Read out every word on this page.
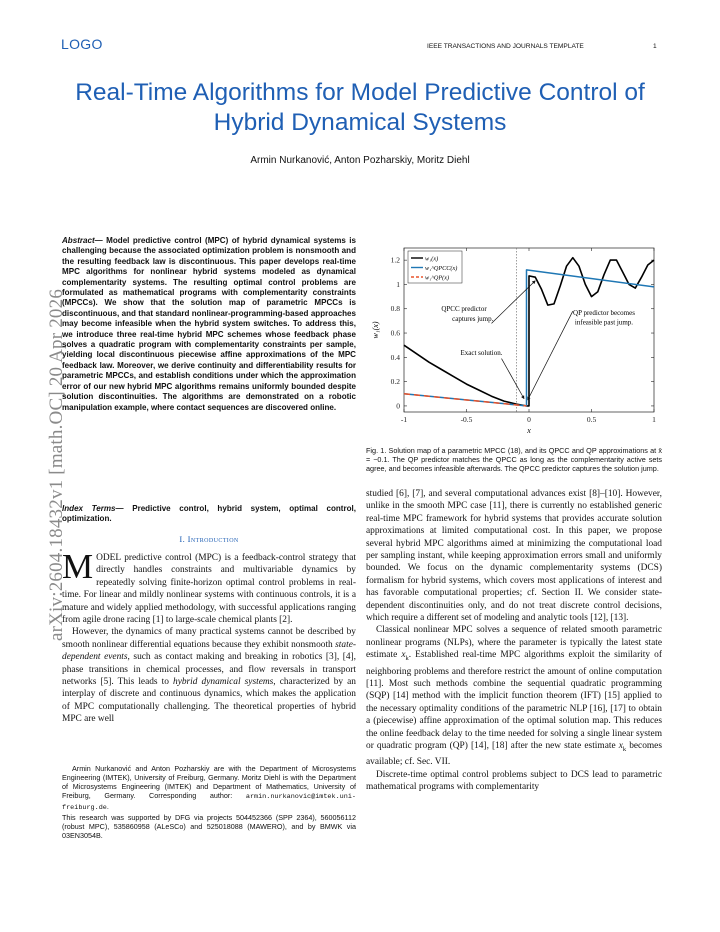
LOGO	IEEE TRANSACTIONS AND JOURNALS TEMPLATE	1
Real-Time Algorithms for Model Predictive Control of Hybrid Dynamical Systems
Armin Nurkanović, Anton Pozharskiy, Moritz Diehl
arXiv:2604.18432v1 [math.OC] 20 Apr 2026
Abstract— Model predictive control (MPC) of hybrid dynamical systems is challenging because the associated optimization problem is nonsmooth and the resulting feedback law is discontinuous. This paper develops real-time MPC algorithms for nonlinear hybrid systems modeled as dynamical complementarity systems. The resulting optimal control problems are formulated as mathematical programs with complementarity constraints (MPCCs). We show that the solution map of parametric MPCCs is discontinuous, and that standard nonlinear-programming-based approaches may become infeasible when the hybrid system switches. To address this, we introduce three real-time hybrid MPC schemes whose feedback phase solves a quadratic program with complementarity constraints per sample, yielding local discontinuous piecewise affine approximations of the MPC feedback law. Moreover, we derive continuity and differentiability results for parametric MPCCs, and establish conditions under which the approximation error of our new hybrid MPC algorithms remains uniformly bounded despite solution discontinuities. The algorithms are demonstrated on a robotic manipulation example, where contact sequences are discovered online.
Index Terms— Predictive control, hybrid system, optimal control, optimization.
I. Introduction

MODEL predictive control (MPC) is a feedback-control strategy that directly handles constraints and multivariable dynamics by repeatedly solving finite-horizon optimal control problems in real-time. For linear and mildly nonlinear systems with continuous controls, it is a mature and widely applied methodology, with successful applications ranging from agile drone racing [1] to large-scale chemical plants [2].

However, the dynamics of many practical systems cannot be described by smooth nonlinear differential equations because they exhibit nonsmooth state-dependent events, such as contact making and breaking in robotics [3], [4], phase transitions in chemical processes, and flow reversals in transport networks [5]. This leads to hybrid dynamical systems, characterized by an interplay of discrete and continuous dynamics, which makes the application of MPC computationally challenging. The theoretical properties of hybrid MPC are well

Armin Nurkanović and Anton Pozharskiy are with the Department of Microsystems Engineering (IMTEK), University of Freiburg, Germany. Moritz Diehl is with the Department of Microsystems Engineering (IMTEK) and Department of Mathematics, University of Freiburg, Germany. Corresponding author: armin.nurkanovic@imtek.uni-freiburg.de.

This research was supported by DFG via projects 504452366 (SPP 2364), 560056112 (robust MPC), 535860958 (ALeSCo) and 525018088 (MAWERO), and by BMWK via 03EN3054B.

-1	-0.5	0	0.5	1
0
0.2
0.4
0.6
0.8
1
1.2
x
w₁(x)
w₁(x)
w₁^QPCC(x)
w₁^QP(x)
QPCC predictor
captures jump.
QP predictor becomes
infeasible past jump.
Exact solution.
Fig. 1. Solution map of a parametric MPCC (18), and its QPCC and QP approximations at x̄ = −0.1. The QP predictor matches the QPCC as long as the complementarity active sets agree, and becomes infeasible afterwards. The QPCC predictor captures the solution jump.

studied [6], [7], and several computational advances exist [8]–[10]. However, unlike in the smooth MPC case [11], there is currently no established generic real-time MPC framework for hybrid systems that provides accurate solution approximations at limited computational cost. In this paper, we propose several hybrid MPC algorithms aimed at minimizing the computational load per sampling instant, while keeping approximation errors small and uniformly bounded. We focus on the dynamic complementarity systems (DCS) formalism for hybrid systems, which covers most applications of interest and has favorable computational properties; cf. Section II. We consider state-dependent discontinuities only, and do not treat discrete control decisions, which require a different set of modeling and analytic tools [12], [13].

Classical nonlinear MPC solves a sequence of related smooth parametric nonlinear programs (NLPs), where the parameter is typically the latest state estimate $x_k$. Established real-time MPC algorithms exploit the similarity of neighboring problems and therefore restrict the amount of online computation [11]. Most such methods combine the sequential quadratic programming (SQP) [14] method with the implicit function theorem (IFT) [15] applied to the necessary optimality conditions of the parametric NLP [16], [17] to obtain a (piecewise) affine approximation of the optimal solution map. This reduces the online feedback delay to the time needed for solving a single linear system or quadratic program (QP) [14], [18] after the new state estimate $x_k$ becomes available; cf. Sec. VII.

Discrete-time optimal control problems subject to DCS lead to parametric mathematical programs with complementarity
